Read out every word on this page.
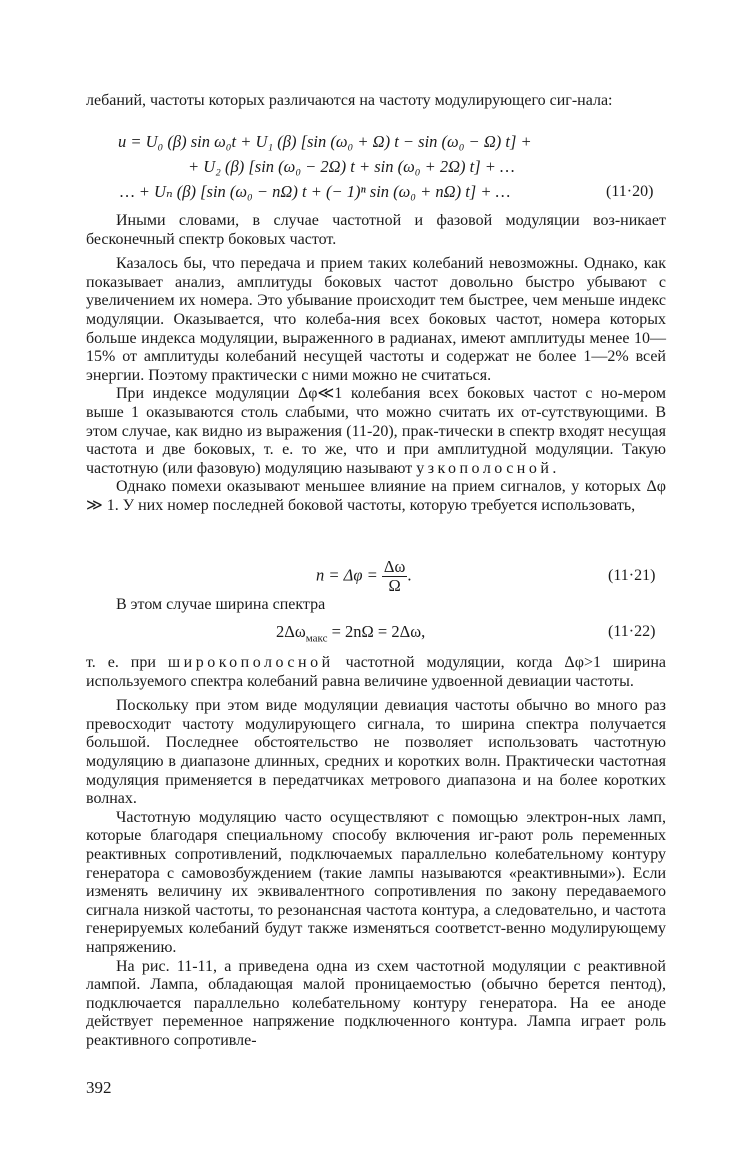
лебаний, частоты которых различаются на частоту модулирующего сиг-нала:

u = U₀ (β) sin ω₀t + U₁ (β) [sin (ω₀ + Ω) t − sin (ω₀ − Ω) t] +
+ U₂ (β) [sin (ω₀ − 2Ω) t + sin (ω₀ + 2Ω) t] + …
… + Uₙ (β) [sin (ω₀ − nΩ) t + (− 1)ⁿ sin (ω₀ + nΩ) t] + …	(11·20)

Иными словами, в случае частотной и фазовой модуляции воз-никает бесконечный спектр боковых частот.

Казалось бы, что передача и прием таких колебаний невозможны. Однако, как показывает анализ, амплитуды боковых частот довольно быстро убывают с увеличением их номера. Это убывание происходит тем быстрее, чем меньше индекс модуляции. Оказывается, что колеба-ния всех боковых частот, номера которых больше индекса модуляции, выраженного в радианах, имеют амплитуды менее 10—15% от амплитуды колебаний несущей частоты и содержат не более 1—2% всей энергии. Поэтому практически с ними можно не считаться.

При индексе модуляции Δφ≪1 колебания всех боковых частот с но-мером выше 1 оказываются столь слабыми, что можно считать их от-сутствующими. В этом случае, как видно из выражения (11-20), прак-тически в спектр входят несущая частота и две боковых, т. е. то же, что и при амплитудной модуляции. Такую частотную (или фазовую) модуляцию называют узкополосной.

Однако помехи оказывают меньшее влияние на прием сигналов, у которых Δφ ≫ 1. У них номер последней боковой частоты, которую требуется использовать,

$n = \Delta\varphi = \frac{\Delta\omega}{\Omega}$ .	(11·21)

В этом случае ширина спектра

$2\Delta\omega_{макс} = 2n\Omega = 2\Delta\omega$,	(11·22)

т. е. при широкополосной частотной модуляции, когда Δφ>1 ширина используемого спектра колебаний равна величине удвоенной девиации частоты.

Поскольку при этом виде модуляции девиация частоты обычно во много раз превосходит частоту модулирующего сигнала, то ширина спектра получается большой. Последнее обстоятельство не позволяет использовать частотную модуляцию в диапазоне длинных, средних и коротких волн. Практически частотная модуляция применяется в передатчиках метрового диапазона и на более коротких волнах.

Частотную модуляцию часто осуществляют с помощью электрон-ных ламп, которые благодаря специальному способу включения иг-рают роль переменных реактивных сопротивлений, подключаемых параллельно колебательному контуру генератора с самовозбуждением (такие лампы называются «реактивными»). Если изменять величину их эквивалентного сопротивления по закону передаваемого сигнала низкой частоты, то резонансная частота контура, а следовательно, и частота генерируемых колебаний будут также изменяться соответст-венно модулирующему напряжению.

На рис. 11-11, а приведена одна из схем частотной модуляции с реактивной лампой. Лампа, обладающая малой проницаемостью (обычно берется пентод), подключается параллельно колебательному контуру генератора. На ее аноде действует переменное напряжение подключенного контура. Лампа играет роль реактивного сопротивле-

392
